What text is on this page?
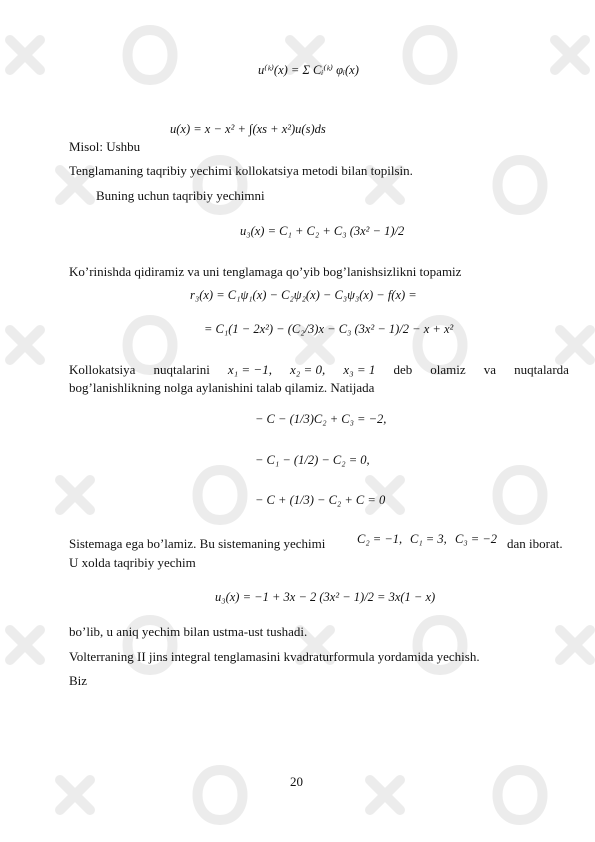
u⁽ᵏ⁾(x) = Σ Cᵢ⁽ᵏ⁾ φᵢ(x)
Misol: Ushbu
u(x) = x − x² + ∫(xs + x²)u(s)ds
Tenglamaning taqribiy yechimi kollokatsiya metodi bilan topilsin.
Buning uchun taqribiy yechimni
u₃(x) = C₁ + C₂ + C₃ (3x² − 1)/2
Ko’rinishda qidiramiz va uni tenglamaga qo’yib bog’lanishsizlikni topamiz
r₃(x) = C₁ψ₁(x) − C₂ψ₂(x) − C₃ψ₃(x) − f(x) =
= C₁(1 − 2x²) − (C₂/3)x − C₃ (3x² − 1)/2 − x + x²
Kollokatsiya nuqtalarini x₁ = −1, x₂ = 0, x₃ = 1 deb olamiz va nuqtalarda
bog’lanishlikning nolga aylanishini talab qilamiz. Natijada
− C − (1/3)C₂ + C₃ = −2,
− C₁ − (1/2) − C₂ = 0,
− C + (1/3) − C₂ + C = 0
Sistemaga ega bo’lamiz. Bu sistemaning yechimi	C₂ = −1, C₁ = 3, C₃ = −2 dan iborat.
U xolda taqribiy yechim
u₃(x) = −1 + 3x − 2 (3x² − 1)/2 = 3x(1 − x)
bo’lib, u aniq yechim bilan ustma-ust tushadi.
Volterraning II jins integral tenglamasini kvadraturformula yordamida yechish.
Biz
20
